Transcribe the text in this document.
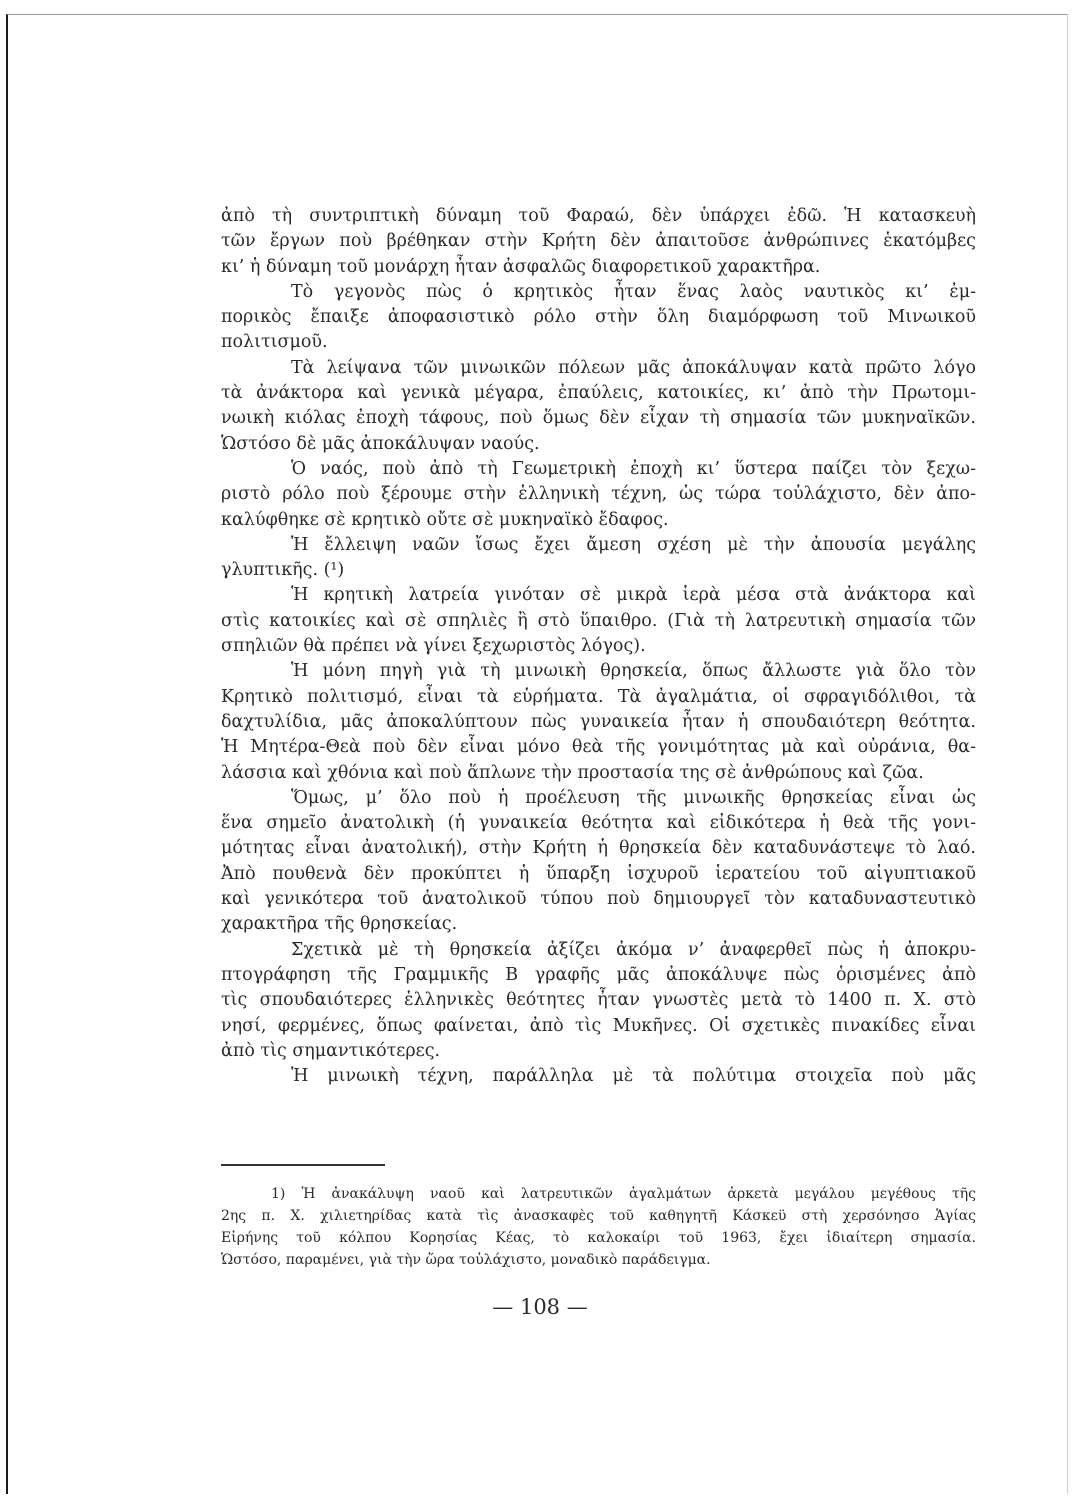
ἀπὸ τὴ συντριπτικὴ δύναμη τοῦ Φαραώ, δὲν ὑπάρχει ἐδῶ. Ἡ κατασκευὴ
τῶν ἔργων ποὺ βρέθηκαν στὴν Κρήτη δὲν ἀπαιτοῦσε ἀνθρώπινες ἑκατόμβες
κι’ ἡ δύναμη τοῦ μονάρχη ἦταν ἀσφαλῶς διαφορετικοῦ χαρακτῆρα.
Τὸ γεγονὸς πὼς ὁ κρητικὸς ἦταν ἕνας λαὸς ναυτικὸς κι’ ἐμ-
πορικὸς ἔπαιξε ἀποφασιστικὸ ρόλο στὴν ὅλη διαμόρφωση τοῦ Μινωικοῦ
πολιτισμοῦ.
Τὰ λείψανα τῶν μινωικῶν πόλεων μᾶς ἀποκάλυψαν κατὰ πρῶτο λόγο
τὰ ἀνάκτορα καὶ γενικὰ μέγαρα, ἐπαύλεις, κατοικίες, κι’ ἀπὸ τὴν Πρωτομι-
νωικὴ κιόλας ἐποχὴ τάφους, ποὺ ὅμως δὲν εἶχαν τὴ σημασία τῶν μυκηναϊκῶν.
Ὡστόσο δὲ μᾶς ἀποκάλυψαν ναούς.
Ὁ ναός, ποὺ ἀπὸ τὴ Γεωμετρικὴ ἐποχὴ κι’ ὕστερα παίζει τὸν ξεχω-
ριστὸ ρόλο ποὺ ξέρουμε στὴν ἑλληνικὴ τέχνη, ὡς τώρα τοὐλάχιστο, δὲν ἀπο-
καλύφθηκε σὲ κρητικὸ οὔτε σὲ μυκηναϊκὸ ἔδαφος.
Ἡ ἔλλειψη ναῶν ἴσως ἔχει ἄμεση σχέση μὲ τὴν ἀπουσία μεγάλης
γλυπτικῆς. (¹)
Ἡ κρητικὴ λατρεία γινόταν σὲ μικρὰ ἱερὰ μέσα στὰ ἀνάκτορα καὶ
στὶς κατοικίες καὶ σὲ σπηλιὲς ἢ στὸ ὕπαιθρο. (Γιὰ τὴ λατρευτικὴ σημασία τῶν
σπηλιῶν θὰ πρέπει νὰ γίνει ξεχωριστὸς λόγος).
Ἡ μόνη πηγὴ γιὰ τὴ μινωικὴ θρησκεία, ὅπως ἄλλωστε γιὰ ὅλο τὸν
Κρητικὸ πολιτισμό, εἶναι τὰ εὑρήματα. Τὰ ἀγαλμάτια, οἱ σφραγιδόλιθοι, τὰ
δαχτυλίδια, μᾶς ἀποκαλύπτουν πὼς γυναικεία ἦταν ἡ σπουδαιότερη θεότητα.
Ἡ Μητέρα-Θεὰ ποὺ δὲν εἶναι μόνο θεὰ τῆς γονιμότητας μὰ καὶ οὐράνια, θα-
λάσσια καὶ χθόνια καὶ ποὺ ἅπλωνε τὴν προστασία της σὲ ἀνθρώπους καὶ ζῶα.
Ὅμως, μ’ ὅλο ποὺ ἡ προέλευση τῆς μινωικῆς θρησκείας εἶναι ὡς
ἕνα σημεῖο ἀνατολικὴ (ἡ γυναικεία θεότητα καὶ εἰδικότερα ἡ θεὰ τῆς γονι-
μότητας εἶναι ἀνατολική), στὴν Κρήτη ἡ θρησκεία δὲν καταδυνάστεψε τὸ λαό.
Ἀπὸ πουθενὰ δὲν προκύπτει ἡ ὕπαρξη ἰσχυροῦ ἱερατείου τοῦ αἰγυπτιακοῦ
καὶ γενικότερα τοῦ ἀνατολικοῦ τύπου ποὺ δημιουργεῖ τὸν καταδυναστευτικὸ
χαρακτῆρα τῆς θρησκείας.
Σχετικὰ μὲ τὴ θρησκεία ἀξίζει ἀκόμα ν’ ἀναφερθεῖ πὼς ἡ ἀποκρυ-
πτογράφηση τῆς Γραμμικῆς Β γραφῆς μᾶς ἀποκάλυψε πὼς ὁρισμένες ἀπὸ
τὶς σπουδαιότερες ἑλληνικὲς θεότητες ἦταν γνωστὲς μετὰ τὸ 1400 π. Χ. στὸ
νησί, φερμένες, ὅπως φαίνεται, ἀπὸ τὶς Μυκῆνες. Οἱ σχετικὲς πινακίδες εἶναι
ἀπὸ τὶς σημαντικότερες.
Ἡ μινωικὴ τέχνη, παράλληλα μὲ τὰ πολύτιμα στοιχεῖα ποὺ μᾶς
1) Ἡ ἀνακάλυψη ναοῦ καὶ λατρευτικῶν ἀγαλμάτων ἀρκετὰ μεγάλου μεγέθους τῆς
2ης π. Χ. χιλιετηρίδας κατὰ τὶς ἀνασκαφὲς τοῦ καθηγητῆ Κάσκεϋ στὴ χερσόνησο Ἁγίας
Εἰρήνης τοῦ κόλπου Κορησίας Κέας, τὸ καλοκαίρι τοῦ 1963, ἔχει ἰδιαίτερη σημασία.
Ὡστόσο, παραμένει, γιὰ τὴν ὥρα τοὐλάχιστο, μοναδικὸ παράδειγμα.
— 108 —
